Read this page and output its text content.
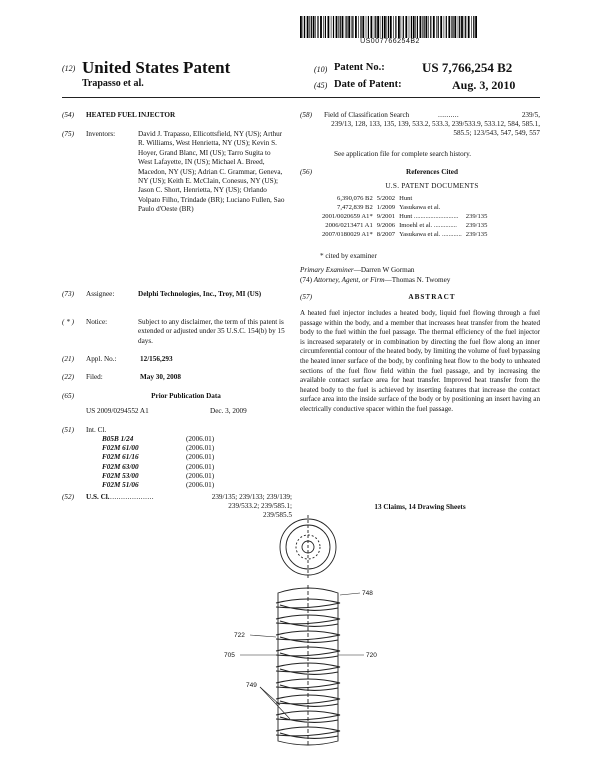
US007766254B2
(12) United States Patent
Trapasso et al.
(10) Patent No.:	US 7,766,254 B2
(45) Date of Patent:	Aug. 3, 2010
(54) HEATED FUEL INJECTOR
(75) Inventors:	David J. Trapasso, Ellicottsfield, NY (US); Arthur R. Williams, West Henrietta, NY (US); Kevin S. Hoyer, Grand Blanc, MI (US); Tarro Sugita to West Lafayette, IN (US); Michael A. Breed, Macedon, NY (US); Adrian C. Grammar, Geneva, NY (US); Keith E. McClain, Conesus, NY (US); Jason C. Short, Henrietta, NY (US); Orlando Volpato Filho, Trindade (BR); Luciano Fullen, Sao Paulo d'Oeste (BR)
(73) Assignee:	Delphi Technologies, Inc., Troy, MI (US)
( * ) Notice:	Subject to any disclaimer, the term of this patent is extended or adjusted under 35 U.S.C. 154(b) by 15 days.
(21) Appl. No.:	12/156,293
(22) Filed:	May 30, 2008
(65)	Prior Publication Data
US 2009/0294552 A1	Dec. 3, 2009
(51) Int. Cl.
B05B 1/24	(2006.01)
F02M 61/00	(2006.01)
F02M 61/16	(2006.01)
F02M 63/00	(2006.01)
F02M 53/00	(2006.01)
F02M 51/06	(2006.01)
(52) U.S. Cl. ....................	239/135; 239/133; 239/139; 239/533.2; 239/585.1; 239/585.5
(58) Field of Classification Search	..........	239/5,
239/13, 128, 133, 135, 139, 533.2, 533.3, 239/533.9, 533.12, 584, 585.1, 585.5; 123/543, 547, 549, 557
See application file for complete search history.
(56)	References Cited
U.S. PATENT DOCUMENTS
6,390,076 B2	5/2002	Hunt	
7,472,839 B2	1/2009	Yasukawa et al.	
2001/0020659 A1*	9/2001	Hunt ...........................	239/135
2006/0213471 A1	9/2006	Imoehl et al. ..............	239/135
2007/0180029 A1*	8/2007	Yasukawa et al. ............	239/135
* cited by examiner
Primary Examiner—Darren W Gorman
(74) Attorney, Agent, or Firm—Thomas N. Twomey
(57)	ABSTRACT
A heated fuel injector includes a heated body, liquid fuel flowing through a fuel passage within the body, and a member that increases heat transfer from the heated body to the fuel within the fuel passage. The thermal efficiency of the fuel injector is increased separately or in combination by directing the fuel flow along an inner circumferential contour of the heated body, by limiting the volume of fuel bypassing the heated inner surface of the body, by confining heat flow to the body to unheated sections of the fuel flow field within the fuel passage, and by increasing the available contact surface area for heat transfer. Improved heat transfer from the heated body to the fuel is achieved by inserting features that increase the contact surface area into the inside surface of the body or by positioning an insert having an electrically conductive spacer within the fuel passage.
13 Claims, 14 Drawing Sheets
748
722
705	720
749
